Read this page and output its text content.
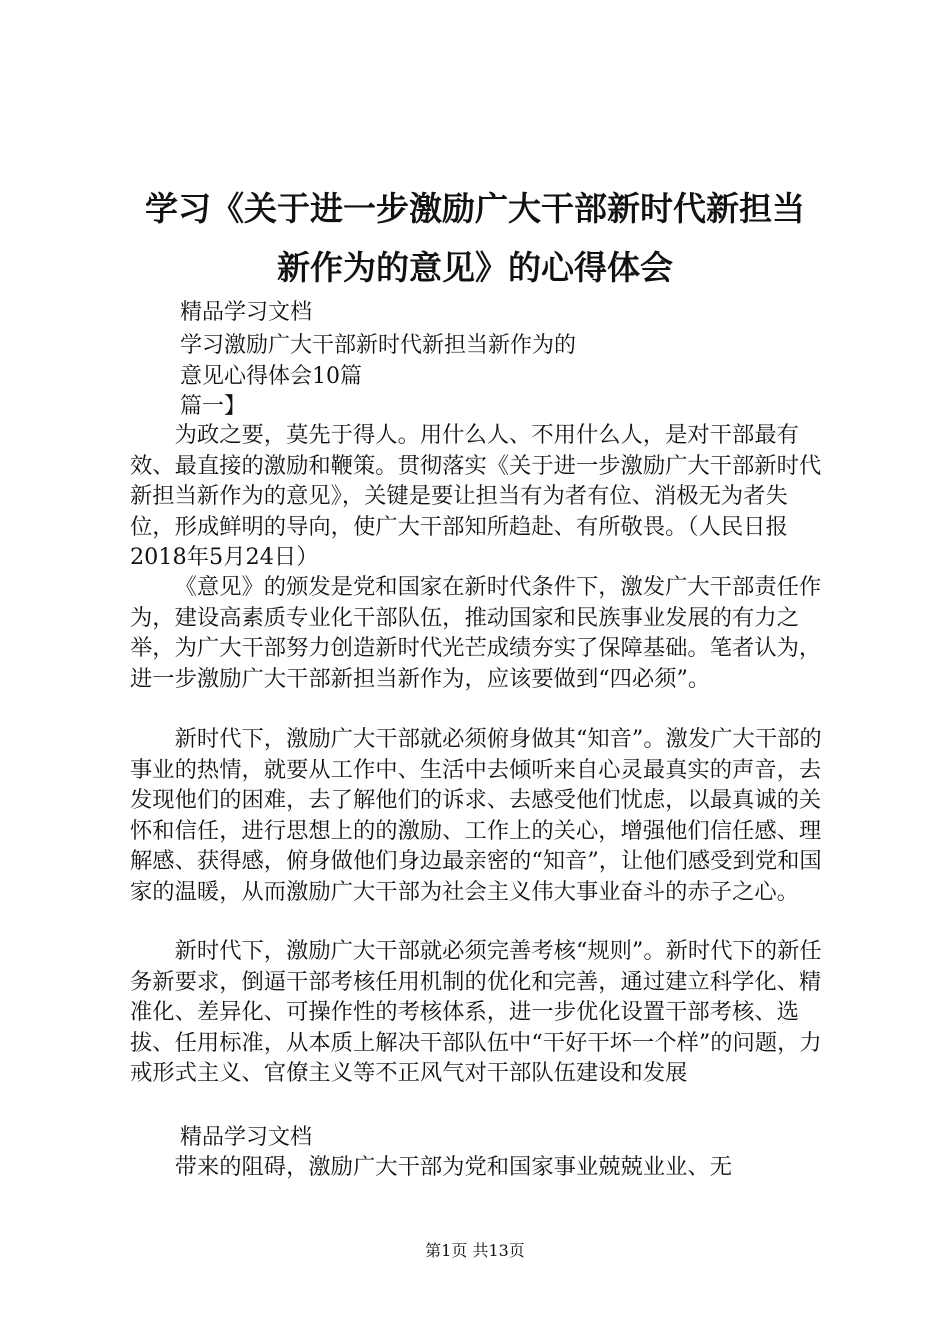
学习《关于进一步激励广大干部新时代新担当
新作为的意见》的心得体会
精品学习文档
学习激励广大干部新时代新担当新作为的
意见心得体会10篇
篇一】

为政之要，莫先于得人。用什么人、不用什么人，是对干部最有效、最直接的激励和鞭策。贯彻落实《关于进一步激励广大干部新时代新担当新作为的意见》，关键是要让担当有为者有位、消极无为者失位，形成鲜明的导向，使广大干部知所趋赴、有所敬畏。（人民日报2018年5月24日）

《意见》的颁发是党和国家在新时代条件下，激发广大干部责任作为，建设高素质专业化干部队伍，推动国家和民族事业发展的有力之举，为广大干部努力创造新时代光芒成绩夯实了保障基础。笔者认为，进一步激励广大干部新担当新作为，应该要做到“四必须”。

新时代下，激励广大干部就必须俯身做其“知音”。激发广大干部的事业的热情，就要从工作中、生活中去倾听来自心灵最真实的声音，去发现他们的困难，去了解他们的诉求、去感受他们忧虑，以最真诚的关怀和信任，进行思想上的的激励、工作上的关心，增强他们信任感、理解感、获得感，俯身做他们身边最亲密的“知音”，让他们感受到党和国家的温暖，从而激励广大干部为社会主义伟大事业奋斗的赤子之心。

新时代下，激励广大干部就必须完善考核“规则”。新时代下的新任务新要求，倒逼干部考核任用机制的优化和完善，通过建立科学化、精准化、差异化、可操作性的考核体系，进一步优化设置干部考核、选拔、任用标准，从本质上解决干部队伍中“干好干坏一个样”的问题，力戒形式主义、官僚主义等不正风气对干部队伍建设和发展

精品学习文档

带来的阻碍，激励广大干部为党和国家事业兢兢业业、无

第1页 共13页
